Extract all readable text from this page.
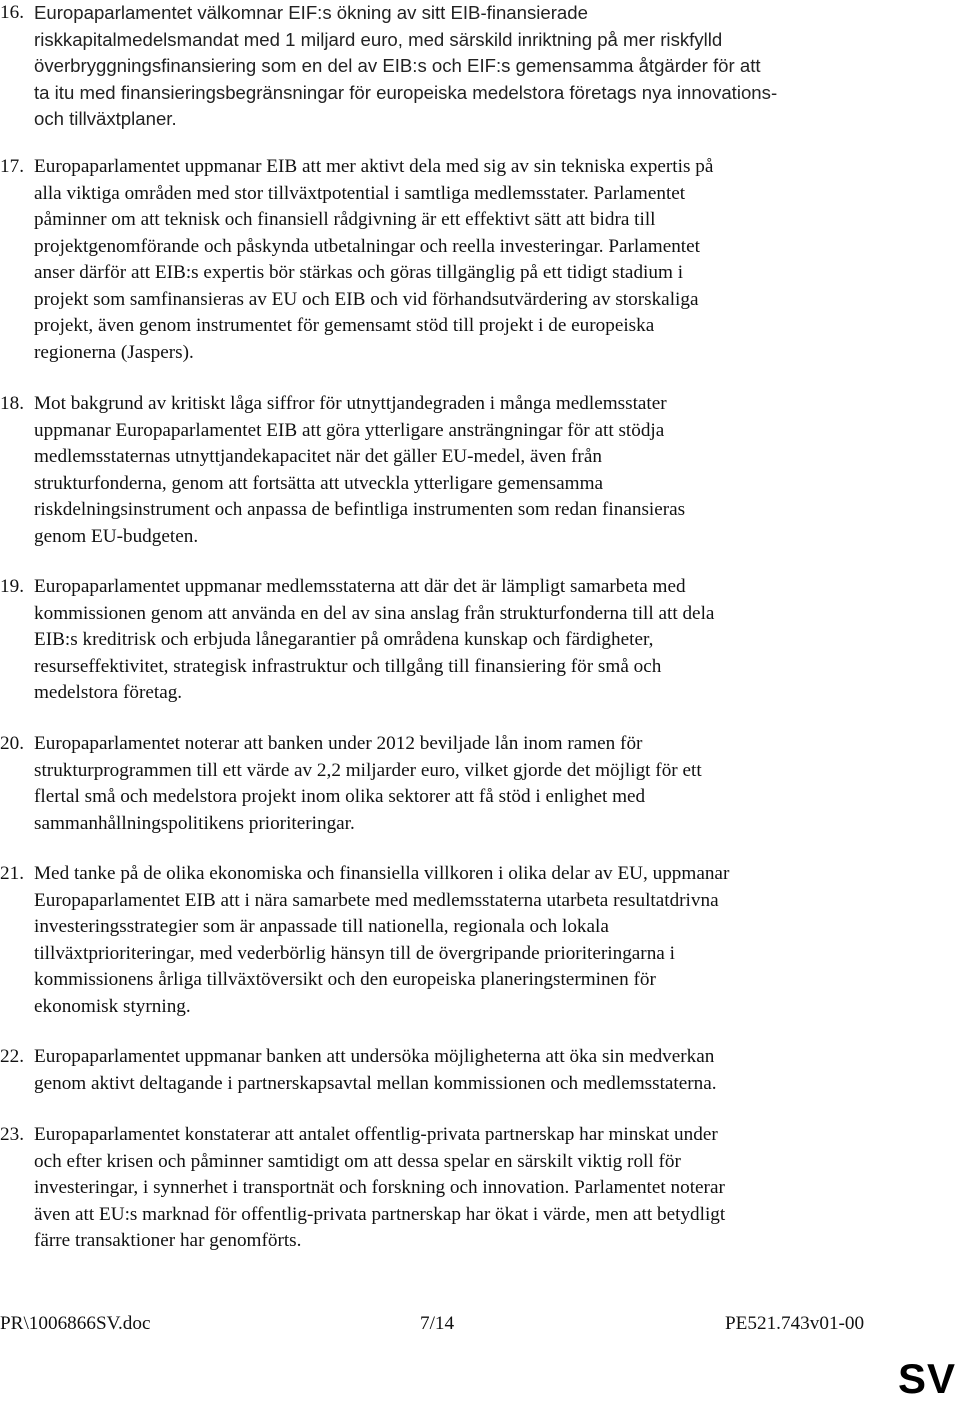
16. Europaparlamentet välkomnar EIF:s ökning av sitt EIB-finansierade
riskkapitalmedelsmandat med 1 miljard euro, med särskild inriktning på mer riskfylld
överbryggningsfinansiering som en del av EIB:s och EIF:s gemensamma åtgärder för att
ta itu med finansieringsbegränsningar för europeiska medelstora företags nya innovations-
och tillväxtplaner.
17. Europaparlamentet uppmanar EIB att mer aktivt dela med sig av sin tekniska expertis på
alla viktiga områden med stor tillväxtpotential i samtliga medlemsstater. Parlamentet
påminner om att teknisk och finansiell rådgivning är ett effektivt sätt att bidra till
projektgenomförande och påskynda utbetalningar och reella investeringar. Parlamentet
anser därför att EIB:s expertis bör stärkas och göras tillgänglig på ett tidigt stadium i
projekt som samfinansieras av EU och EIB och vid förhandsutvärdering av storskaliga
projekt, även genom instrumentet för gemensamt stöd till projekt i de europeiska
regionerna (Jaspers).
18. Mot bakgrund av kritiskt låga siffror för utnyttjandegraden i många medlemsstater
uppmanar Europaparlamentet EIB att göra ytterligare ansträngningar för att stödja
medlemsstaternas utnyttjandekapacitet när det gäller EU-medel, även från
strukturfonderna, genom att fortsätta att utveckla ytterligare gemensamma
riskdelningsinstrument och anpassa de befintliga instrumenten som redan finansieras
genom EU-budgeten.
19. Europaparlamentet uppmanar medlemsstaterna att där det är lämpligt samarbeta med
kommissionen genom att använda en del av sina anslag från strukturfonderna till att dela
EIB:s kreditrisk och erbjuda lånegarantier på områdena kunskap och färdigheter,
resurseffektivitet, strategisk infrastruktur och tillgång till finansiering för små och
medelstora företag.
20. Europaparlamentet noterar att banken under 2012 beviljade lån inom ramen för
strukturprogrammen till ett värde av 2,2 miljarder euro, vilket gjorde det möjligt för ett
flertal små och medelstora projekt inom olika sektorer att få stöd i enlighet med
sammanhållningspolitikens prioriteringar.
21. Med tanke på de olika ekonomiska och finansiella villkoren i olika delar av EU, uppmanar
Europaparlamentet EIB att i nära samarbete med medlemsstaterna utarbeta resultatdrivna
investeringsstrategier som är anpassade till nationella, regionala och lokala
tillväxtprioriteringar, med vederbörlig hänsyn till de övergripande prioriteringarna i
kommissionens årliga tillväxtöversikt och den europeiska planeringsterminen för
ekonomisk styrning.
22. Europaparlamentet uppmanar banken att undersöka möjligheterna att öka sin medverkan
genom aktivt deltagande i partnerskapsavtal mellan kommissionen och medlemsstaterna.
23. Europaparlamentet konstaterar att antalet offentlig-privata partnerskap har minskat under
och efter krisen och påminner samtidigt om att dessa spelar en särskilt viktig roll för
investeringar, i synnerhet i transportnät och forskning och innovation. Parlamentet noterar
även att EU:s marknad för offentlig-privata partnerskap har ökat i värde, men att betydligt
färre transaktioner har genomförts.
PR\1006866SV.doc	7/14	PE521.743v01-00
SV
